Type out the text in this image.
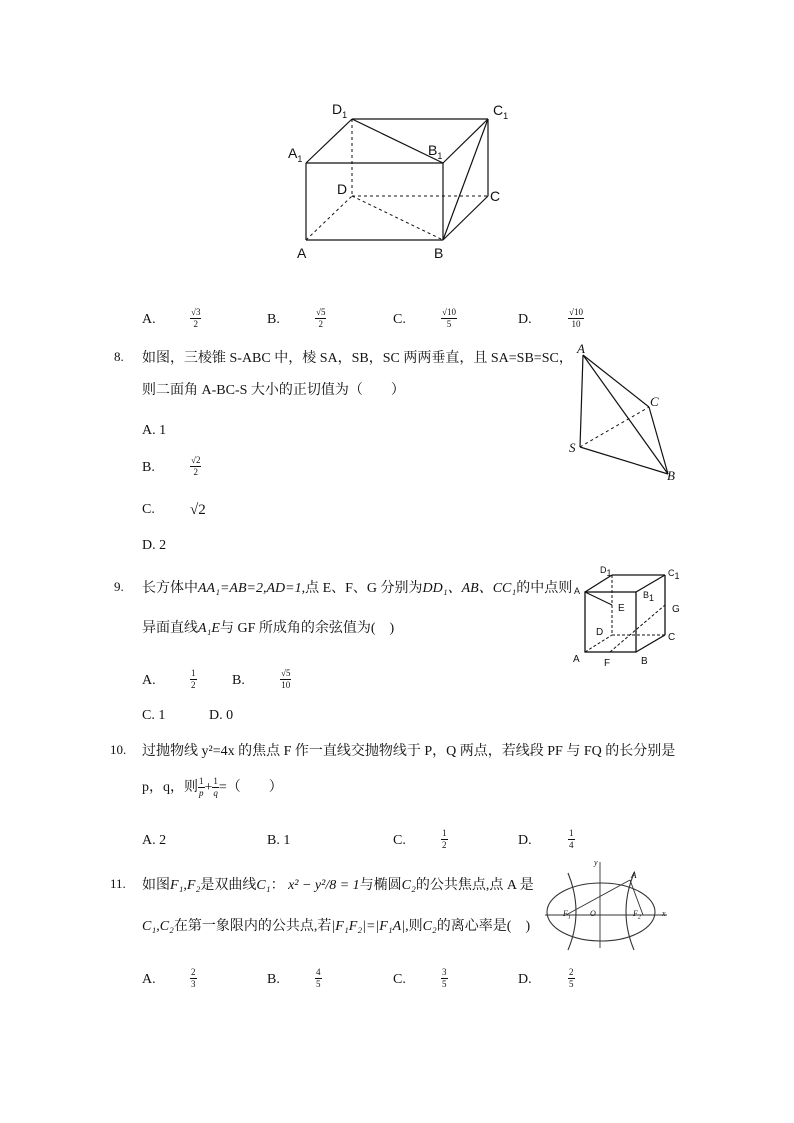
$D_1$	$C_1$
$A_1$
$B_1$
D	C
A	B
A.	$\frac{√3}{2}$	B.	$\frac{√5}{2}$	C.	$\frac{√10}{5}$	D.	$\frac{√10}{10}$
8. 如图，三棱锥 S-ABC 中，棱 SA，SB，SC 两两垂直，且 SA=SB=SC，
则二面角 A-BC-S 大小的正切值为（　　）
A. 1
B.	$\frac{√2}{2}$
C. √2
D. 2
A
C
S
B
9. 长方体中AA₁=AB=2,AD=1,点 E、F、G 分别为DD₁、AB、CC₁的中点则
异面直线A₁E与 GF 所成角的余弦值为(　)
A.	$\frac{1}{2}$	B.	$\frac{√5}{10}$
C. 1	D. 0
$D_1$	$C_1$
A
E
$B_1$
G
D	C
A F	B
10. 过抛物线 y²=4x 的焦点 F 作一直线交抛物线于 P，Q 两点，若线段 PF 与 FQ 的长分别是
p，q，则 $\frac{1}{p} + \frac{1}{q}$ =（　　）
A. 2	B. 1	C.	$\frac{1}{2}$	D.	$\frac{1}{4}$
11. 如图F₁,F₂是双曲线C₁： x² − y²/8 = 1与椭圆C₂的公共焦点,点 A 是
C₁,C₂在第一象限内的公共点,若|F₁F₂|=|F₁A|,则C₂的离心率是(　)
A.	$\frac{2}{3}$	B.	$\frac{4}{5}$	C.	$\frac{3}{5}$	D.	$\frac{2}{5}$
y
A
$F_1$ O	$F_2$	x
